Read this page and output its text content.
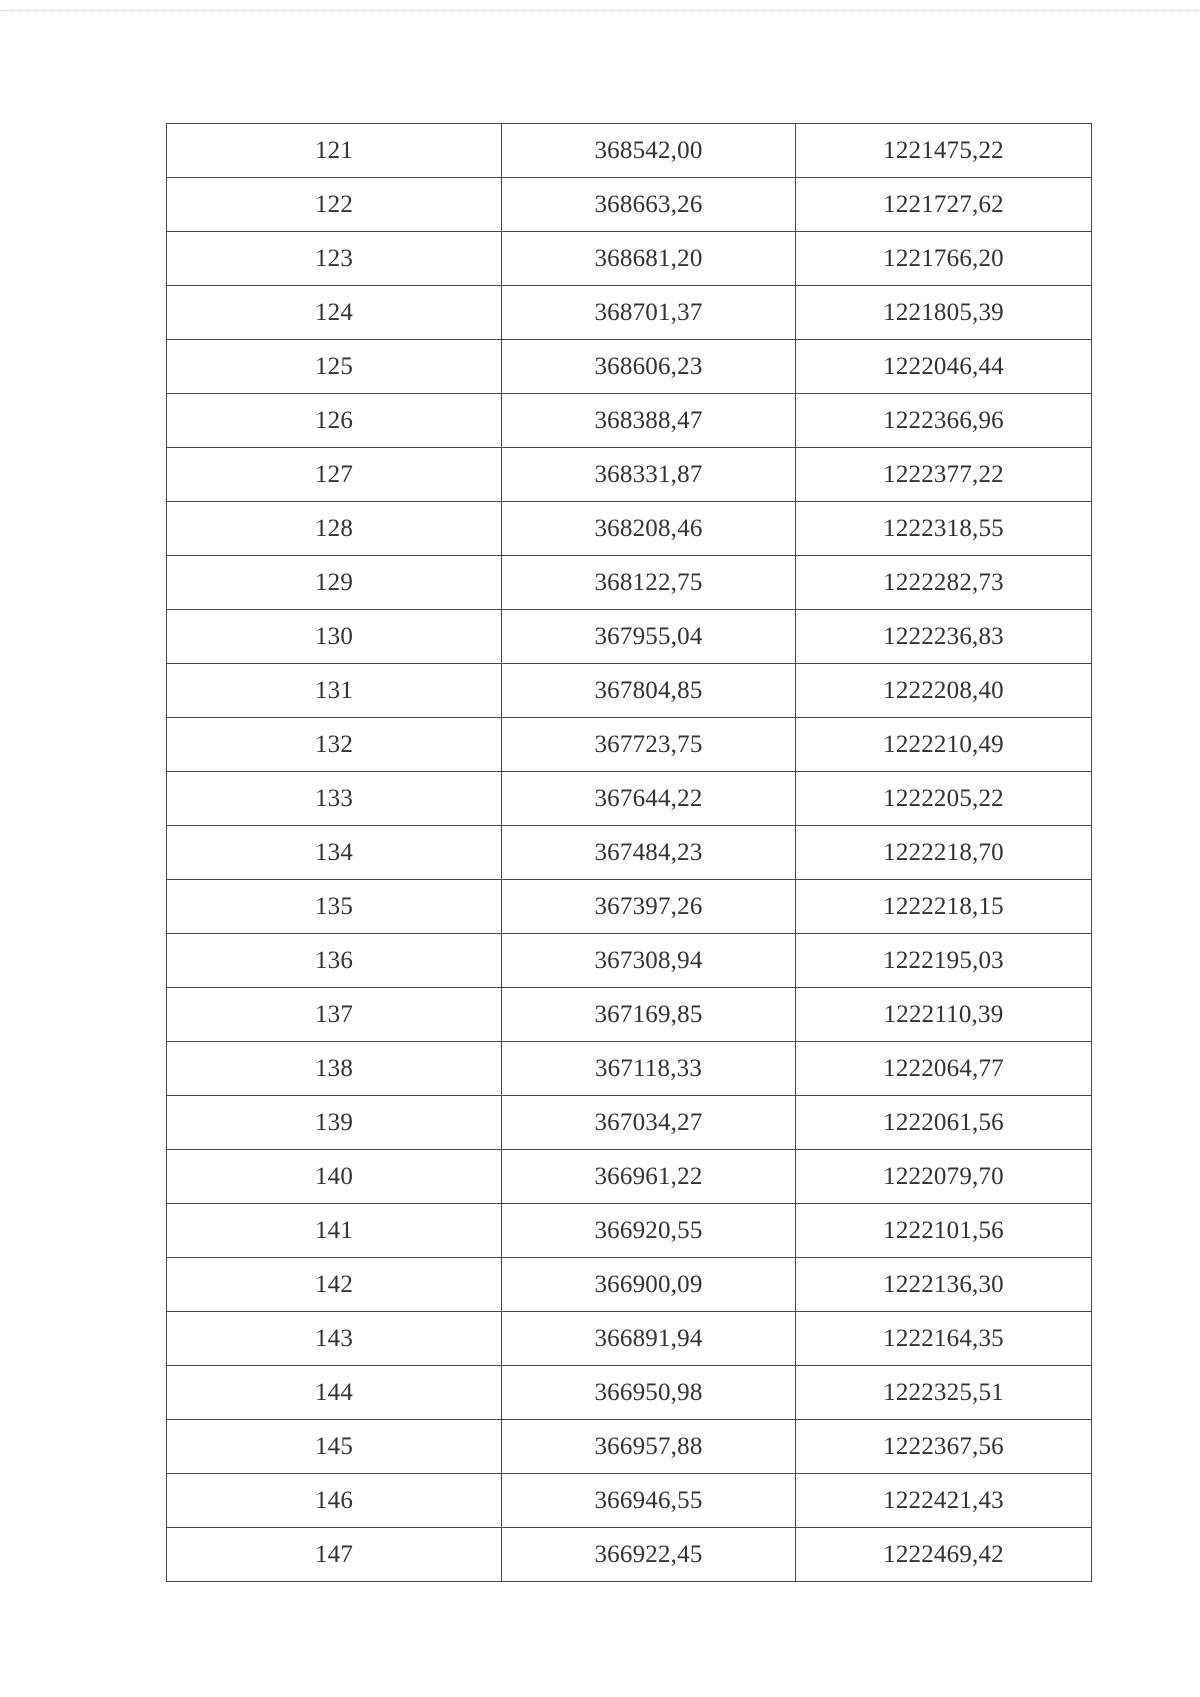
121	368542,00	1221475,22
122	368663,26	1221727,62
123	368681,20	1221766,20
124	368701,37	1221805,39
125	368606,23	1222046,44
126	368388,47	1222366,96
127	368331,87	1222377,22
128	368208,46	1222318,55
129	368122,75	1222282,73
130	367955,04	1222236,83
131	367804,85	1222208,40
132	367723,75	1222210,49
133	367644,22	1222205,22
134	367484,23	1222218,70
135	367397,26	1222218,15
136	367308,94	1222195,03
137	367169,85	1222110,39
138	367118,33	1222064,77
139	367034,27	1222061,56
140	366961,22	1222079,70
141	366920,55	1222101,56
142	366900,09	1222136,30
143	366891,94	1222164,35
144	366950,98	1222325,51
145	366957,88	1222367,56
146	366946,55	1222421,43
147	366922,45	1222469,42
